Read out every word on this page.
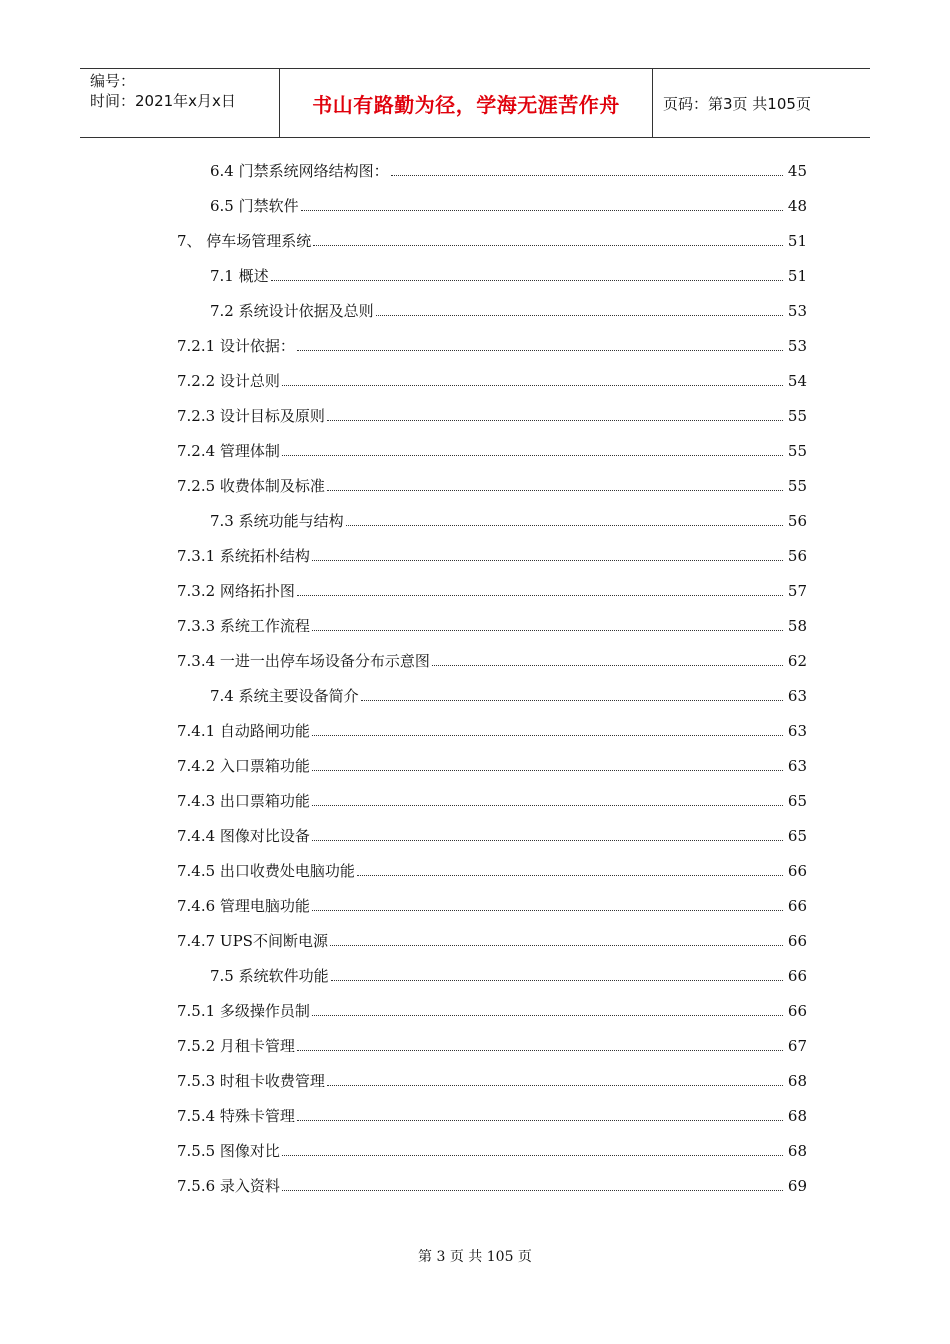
编号：
时间：2021年x月x日	书山有路勤为径，学海无涯苦作舟	页码：第3页 共105页
6.4 门禁系统网络结构图：	45
6.5 门禁软件	48
7、 停车场管理系统	51
7.1 概述	51
7.2 系统设计依据及总则	53
7.2.1 设计依据：	53
7.2.2 设计总则	54
7.2.3 设计目标及原则	55
7.2.4 管理体制	55
7.2.5 收费体制及标准	55
7.3 系统功能与结构	56
7.3.1 系统拓朴结构	56
7.3.2 网络拓扑图	57
7.3.3 系统工作流程	58
7.3.4 一进一出停车场设备分布示意图	62
7.4 系统主要设备简介	63
7.4.1 自动路闸功能	63
7.4.2 入口票箱功能	63
7.4.3 出口票箱功能	65
7.4.4 图像对比设备	65
7.4.5 出口收费处电脑功能	66
7.4.6 管理电脑功能	66
7.4.7 UPS不间断电源	66
7.5 系统软件功能	66
7.5.1 多级操作员制	66
7.5.2 月租卡管理	67
7.5.3 时租卡收费管理	68
7.5.4 特殊卡管理	68
7.5.5 图像对比	68
7.5.6 录入资料	69
第 3 页 共 105 页
